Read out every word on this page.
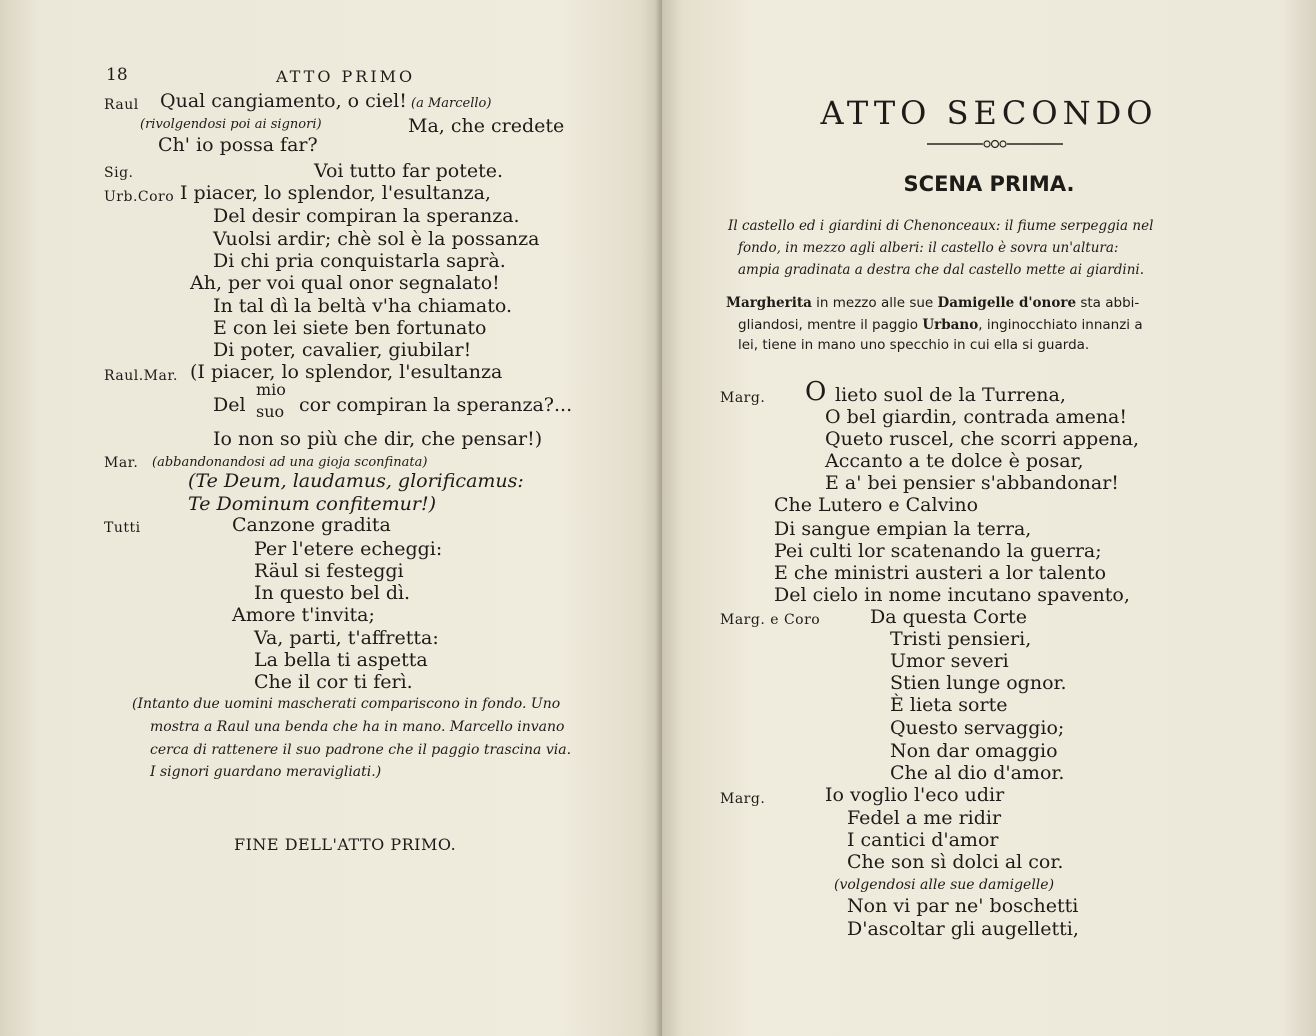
18	ATTO PRIMO
Raul Qual cangiamento, o ciel! (a Marcello)
(rivolgendosi poi ai signori)	Ma, che credete
Ch' io possa far?
Sig.	Voi tutto far potete.
Urb.Coro I piacer, lo splendor, l'esultanza,
Del desir compiran la speranza.
Vuolsi ardir; chè sol è la possanza
Di chi pria conquistarla saprà.
Ah, per voi qual onor segnalato!
In tal dì la beltà v'ha chiamato.
E con lei siete ben fortunato
Di poter, cavalier, giubilar!
Raul.Mar. (I piacer, lo splendor, l'esultanza
Del
mio
suo cor compiran la speranza?...
Io non so più che dir, che pensar!)
Mar. (abbandonandosi ad una gioja sconfinata)
(Te Deum, laudamus, glorificamus:
Te Dominum confitemur!)
Tutti	Canzone gradita
Per l'etere echeggi:
Räul si festeggi
In questo bel dì.
Amore t'invita;
Va, parti, t'affretta:
La bella ti aspetta
Che il cor ti ferì.
(Intanto due uomini mascherati compariscono in fondo. Uno
mostra a Raul una benda che ha in mano. Marcello invano
cerca di rattenere il suo padrone che il paggio trascina via.
I signori guardano meravigliati.)
FINE DELL'ATTO PRIMO.
ATTO SECONDO
SCENA PRIMA.
Il castello ed i giardini di Chenonceaux: il fiume serpeggia nel
fondo, in mezzo agli alberi: il castello è sovra un'altura:
ampia gradinata a destra che dal castello mette ai giardini.
Margherita in mezzo alle sue Damigelle d'onore sta abbi-
gliandosi, mentre il paggio Urbano, inginocchiato innanzi a
lei, tiene in mano uno specchio in cui ella si guarda.
Marg. O lieto suol de la Turrena,
O bel giardin, contrada amena!
Queto ruscel, che scorri appena,
Accanto a te dolce è posar,
E a' bei pensier s'abbandonar!
Che Lutero e Calvino
Di sangue empian la terra,
Pei culti lor scatenando la guerra;
E che ministri austeri a lor talento
Del cielo in nome incutano spavento,
Marg. e Coro	Da questa Corte
Tristi pensieri,
Umor severi
Stien lunge ognor.
È lieta sorte
Questo servaggio;
Non dar omaggio
Che al dio d'amor.
Marg.	Io voglio l'eco udir
Fedel a me ridir
I cantici d'amor
Che son sì dolci al cor.
(volgendosi alle sue damigelle)
Non vi par ne' boschetti
D'ascoltar gli augelletti,
